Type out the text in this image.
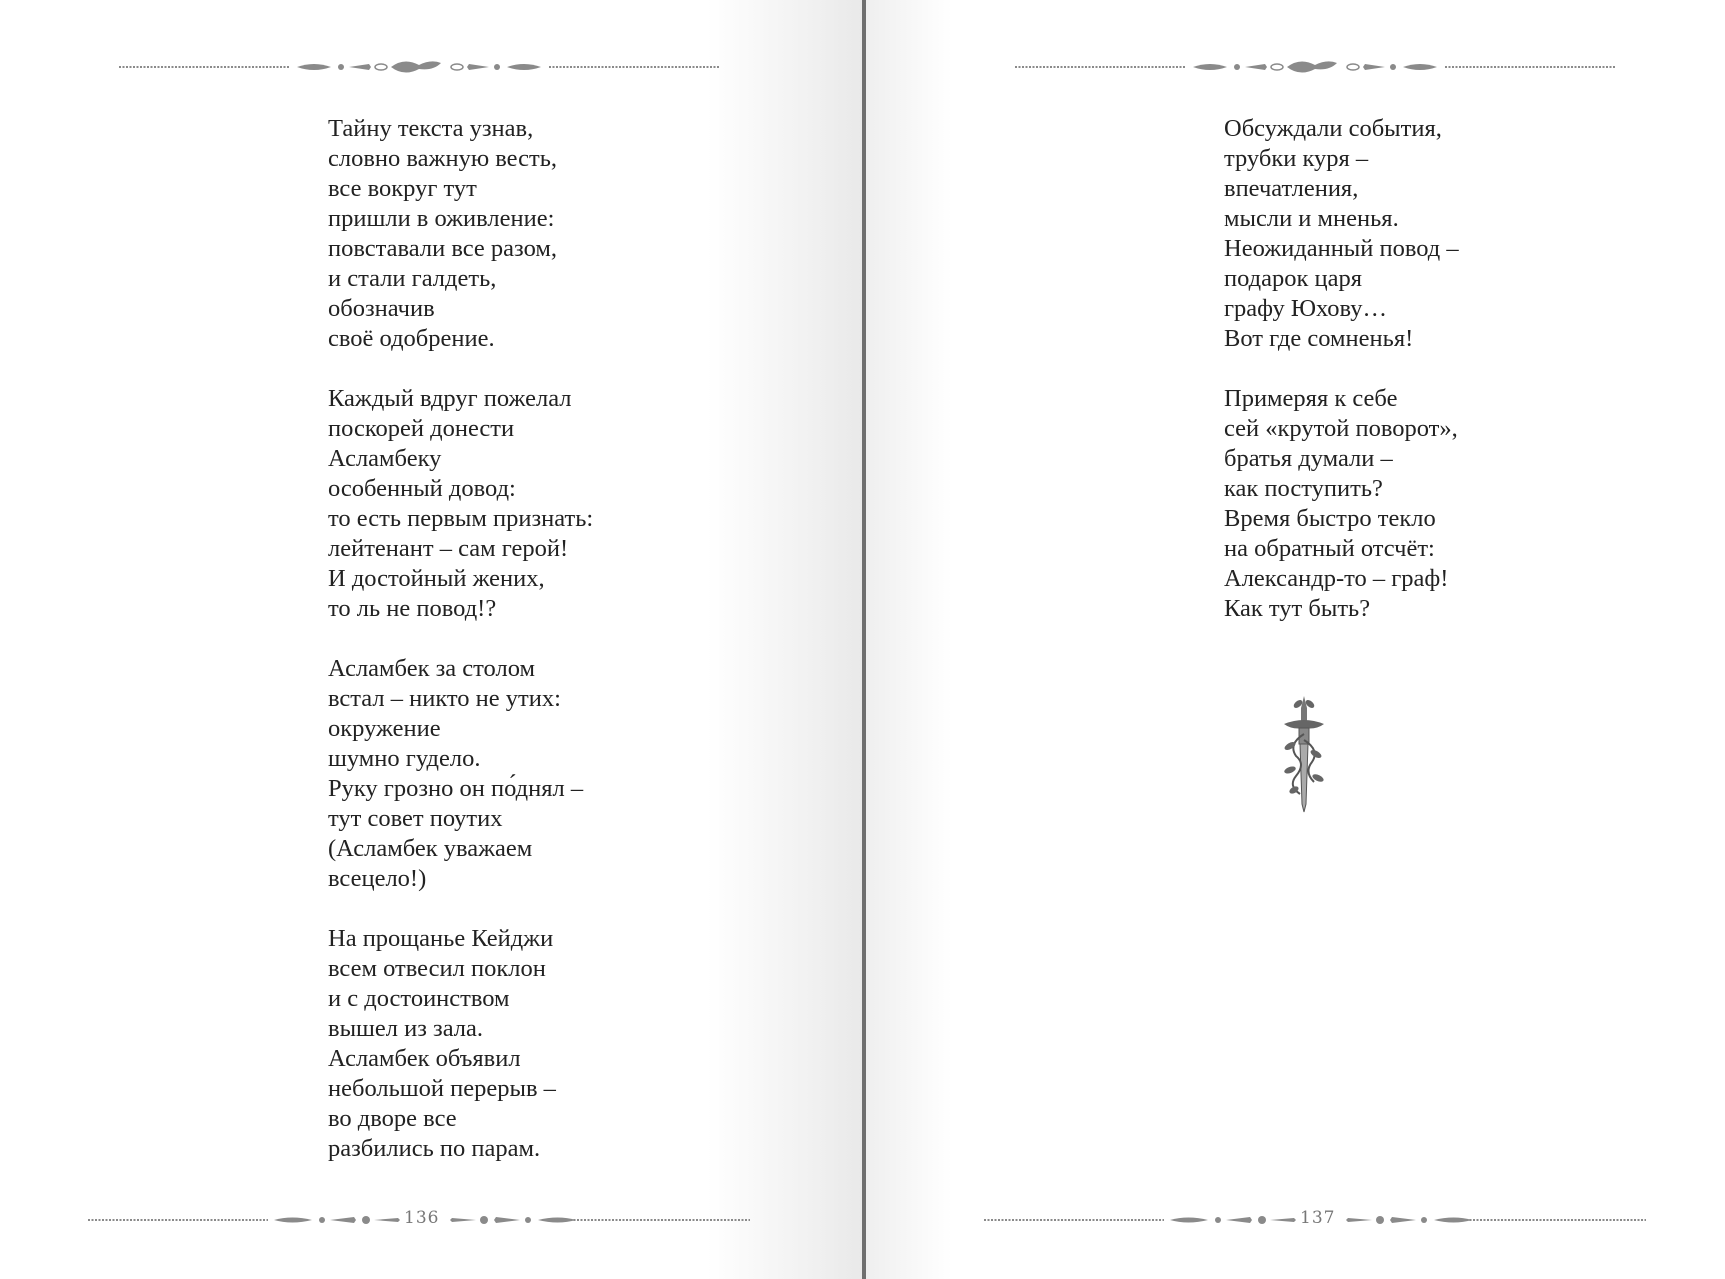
Тайну текста узнав,
словно важную весть,
все вокруг тут
пришли в оживление:
повставали все разом,
и стали галдеть,
обозначив
своё одобрение.
Каждый вдруг пожелал
поскорей донести
Асламбеку
особенный довод:
то есть первым признать:
лейтенант – сам герой!
И достойный жених,
то ль не повод!?
Асламбек за столом
встал – никто не утих:
окружение
шумно гудело.
Руку грозно он по́днял –
тут совет поутих
(Асламбек уважаем
всецело!)
На прощанье Кейджи
всем отвесил поклон
и с достоинством
вышел из зала.
Асламбек объявил
небольшой перерыв –
во дворе все
разбились по парам.
136
Обсуждали события,
трубки куря –
впечатления,
мысли и мненья.
Неожиданный повод –
подарок царя
графу Юхову…
Вот где сомненья!
Примеряя к себе
сей «крутой поворот»,
братья думали –
как поступить?
Время быстро текло
на обратный отсчёт:
Александр-то – граф!
Как тут быть?
137
